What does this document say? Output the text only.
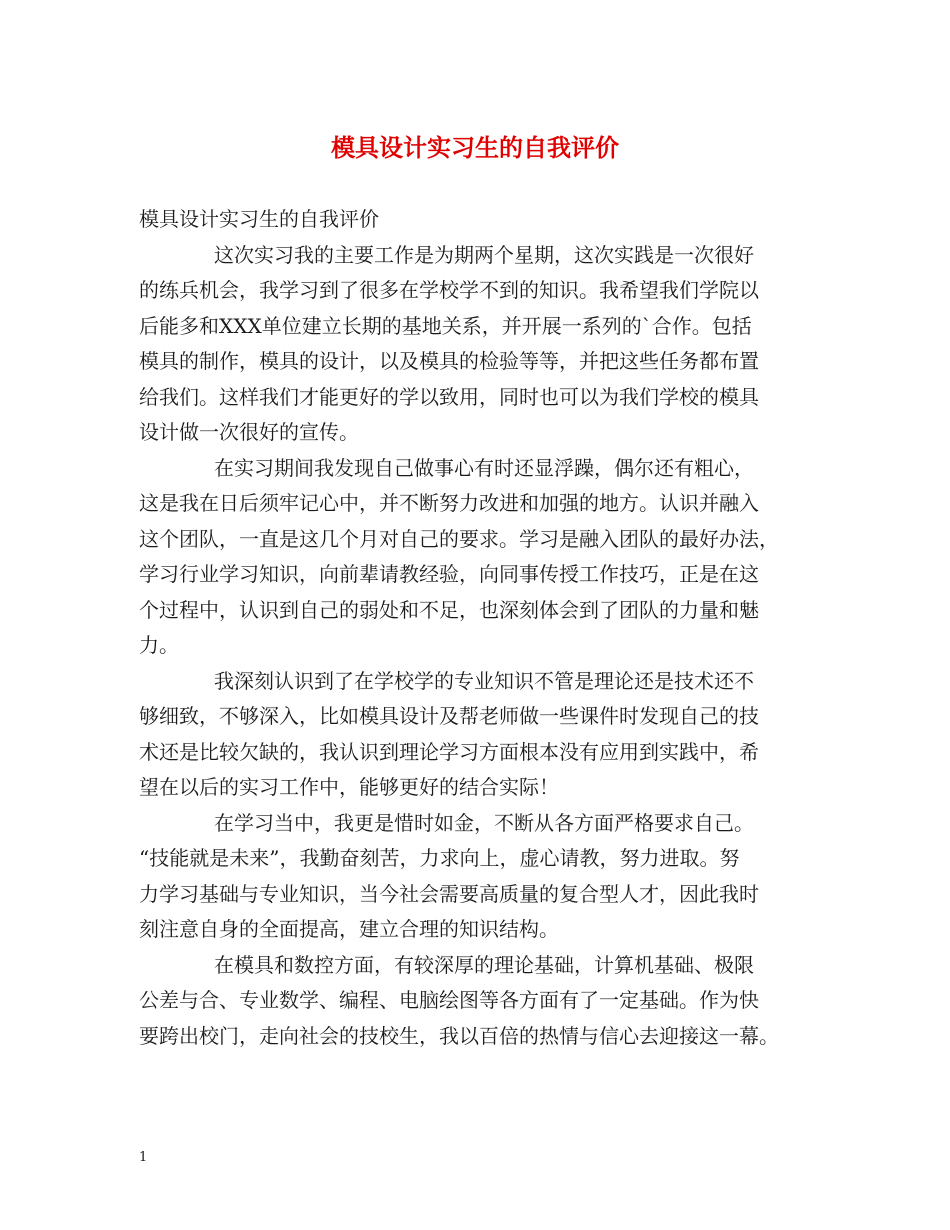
模具设计实习生的自我评价

模具设计实习生的自我评价

这次实习我的主要工作是为期两个星期，这次实践是一次很好
的练兵机会，我学习到了很多在学校学不到的知识。我希望我们学院以
后能多和XXX单位建立长期的基地关系，并开展一系列的`合作。包括
模具的制作，模具的设计，以及模具的检验等等，并把这些任务都布置
给我们。这样我们才能更好的学以致用，同时也可以为我们学校的模具
设计做一次很好的宣传。

在实习期间我发现自己做事心有时还显浮躁，偶尔还有粗心，
这是我在日后须牢记心中，并不断努力改进和加强的地方。认识并融入
这个团队，一直是这几个月对自己的要求。学习是融入团队的最好办法，
学习行业学习知识，向前辈请教经验，向同事传授工作技巧，正是在这
个过程中，认识到自己的弱处和不足，也深刻体会到了团队的力量和魅
力。

我深刻认识到了在学校学的专业知识不管是理论还是技术还不
够细致，不够深入，比如模具设计及帮老师做一些课件时发现自己的技
术还是比较欠缺的，我认识到理论学习方面根本没有应用到实践中，希
望在以后的实习工作中，能够更好的结合实际！

在学习当中，我更是惜时如金，不断从各方面严格要求自己。
“技能就是未来”，我勤奋刻苦，力求向上，虚心请教，努力进取。努
力学习基础与专业知识，当今社会需要高质量的复合型人才，因此我时
刻注意自身的全面提高，建立合理的知识结构。

在模具和数控方面，有较深厚的理论基础，计算机基础、极限
公差与合、专业数学、编程、电脑绘图等各方面有了一定基础。作为快
要跨出校门，走向社会的技校生，我以百倍的热情与信心去迎接这一幕。

1
